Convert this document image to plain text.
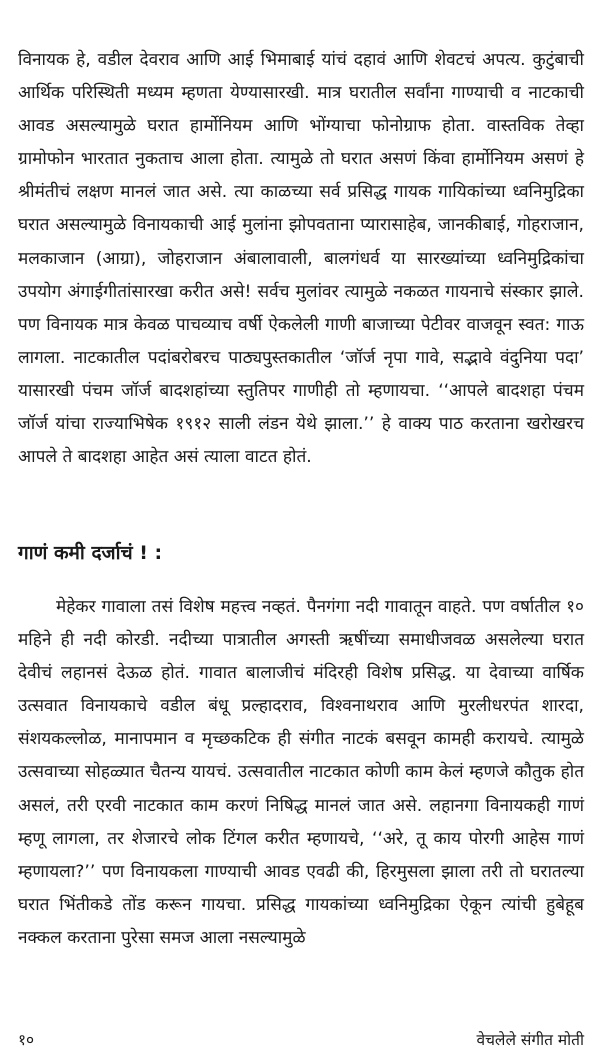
विनायक हे, वडील देवराव आणि आई भिमाबाई यांचं दहावं आणि शेवटचं अपत्य. कुटुंबाची आर्थिक परिस्थिती मध्यम म्हणता येण्यासारखी. मात्र घरातील सर्वांना गाण्याची व नाटकाची आवड असल्यामुळे घरात हार्मोनियम आणि भोंग्याचा फोनोग्राफ होता. वास्तविक तेव्हा ग्रामोफोन भारतात नुकताच आला होता. त्यामुळे तो घरात असणं किंवा हार्मोनियम असणं हे श्रीमंतीचं लक्षण मानलं जात असे. त्या काळच्या सर्व प्रसिद्ध गायक गायिकांच्या ध्वनिमुद्रिका घरात असल्यामुळे विनायकाची आई मुलांना झोपवताना प्यारासाहेब, जानकीबाई, गोहराजान, मलकाजान (आग्रा), जोहराजान अंबालावाली, बालगंधर्व या सारख्यांच्या ध्वनिमुद्रिकांचा उपयोग अंगाईगीतांसारखा करीत असे! सर्वच मुलांवर त्यामुळे नकळत गायनाचे संस्कार झाले. पण विनायक मात्र केवळ पाचव्याच वर्षी ऐकलेली गाणी बाजाच्या पेटीवर वाजवून स्वत: गाऊ लागला. नाटकातील पदांबरोबरच पाठ्यपुस्तकातील ‘जॉर्ज नृपा गावे, सद्भावे वंदुनिया पदा’ यासारखी पंचम जॉर्ज बादशहांच्या स्तुतिपर गाणीही तो म्हणायचा. ‘‘आपले बादशहा पंचम जॉर्ज यांचा राज्याभिषेक १९१२ साली लंडन येथे झाला.’’ हे वाक्य पाठ करताना खरोखरच आपले ते बादशहा आहेत असं त्याला वाटत होतं.

गाणं कमी दर्जाचं ! :

मेहेकर गावाला तसं विशेष महत्त्व नव्हतं. पैनगंगा नदी गावातून वाहते. पण वर्षातील १० महिने ही नदी कोरडी. नदीच्या पात्रातील अगस्ती ऋषींच्या समाधीजवळ असलेल्या घरात देवीचं लहानसं देऊळ होतं. गावात बालाजीचं मंदिरही विशेष प्रसिद्ध. या देवाच्या वार्षिक उत्सवात विनायकाचे वडील बंधू प्रल्हादराव, विश्वनाथराव आणि मुरलीधरपंत शारदा, संशयकल्लोळ, मानापमान व मृच्छकटिक ही संगीत नाटकं बसवून कामही करायचे. त्यामुळे उत्सवाच्या सोहळ्यात चैतन्य यायचं. उत्सवातील नाटकात कोणी काम केलं म्हणजे कौतुक होत असलं, तरी एरवी नाटकात काम करणं निषिद्ध मानलं जात असे. लहानगा विनायकही गाणं म्हणू लागला, तर शेजारचे लोक टिंगल करीत म्हणायचे, ‘‘अरे, तू काय पोरगी आहेस गाणं म्हणायला?’’ पण विनायकला गाण्याची आवड एवढी की, हिरमुसला झाला तरी तो घरातल्या घरात भिंतीकडे तोंड करून गायचा. प्रसिद्ध गायकांच्या ध्वनिमुद्रिका ऐकून त्यांची हुबेहूब नक्कल करताना पुरेसा समज आला नसल्यामुळे

१०	वेचलेले संगीत मोती
